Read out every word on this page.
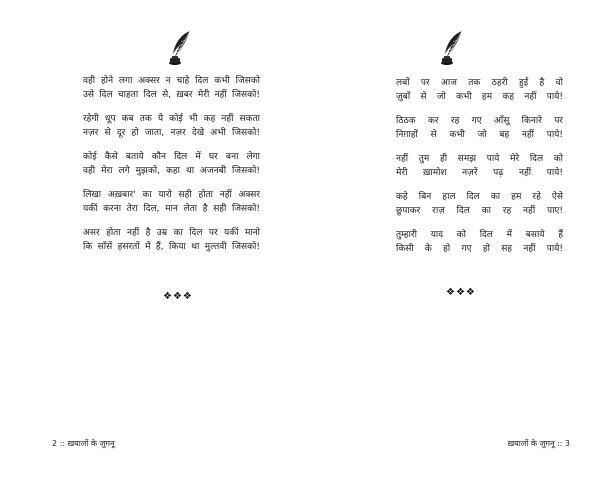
वही होने लगा अक्सर न चाहे दिल कभी जिसको
उसे दिल चाहता दिल से, ख़बर मेरी नहीं जिसको!
रहेगी धूप कब तक ये कोई भी कह नहीं सकता
नज़र से दूर हो जाता, नज़र देखे अभी जिसको!
कोई कैसे बताये कौन दिल में घर बना लेगा
वही मेरा लगे मुझको, कहा था अजनबी जिसको!
लिखा अख़बार' का यारो सही होता नहीं अक्सर
यकीं करना तेरा दिल, मान लेता है सही जिसको!
असर होता नहीं है उम्र का दिल पर यकीं मानो
कि साँसें हसरतों में हैं, किया था मुल्तवी जिसको!
❖❖❖
2 :: ख़यालों के जुगनू
लबों पर आज तक ठहरी हुई है वो
ज़ुबाँ से जो कभी हम कह नहीं पाये!
ठिठक कर रह गए आँसू किनारे पर
निग़ाहों से कभी जो बह नहीं पाये!
नहीं तुम ही समझ पाये मेरे दिल को
मेरी ख़ामोश नज़रें पढ़ नहीं पाये!
कहे बिन हाल दिल का हम रहे ऐसे
छुपाकर राज़ दिल का रह नहीं पाए!
तुम्हारी याद को दिल में बसाये हैं
किसी के हो गए हो सह नहीं पाये!
❖❖❖
ख़यालों के जुगनू :: 3
